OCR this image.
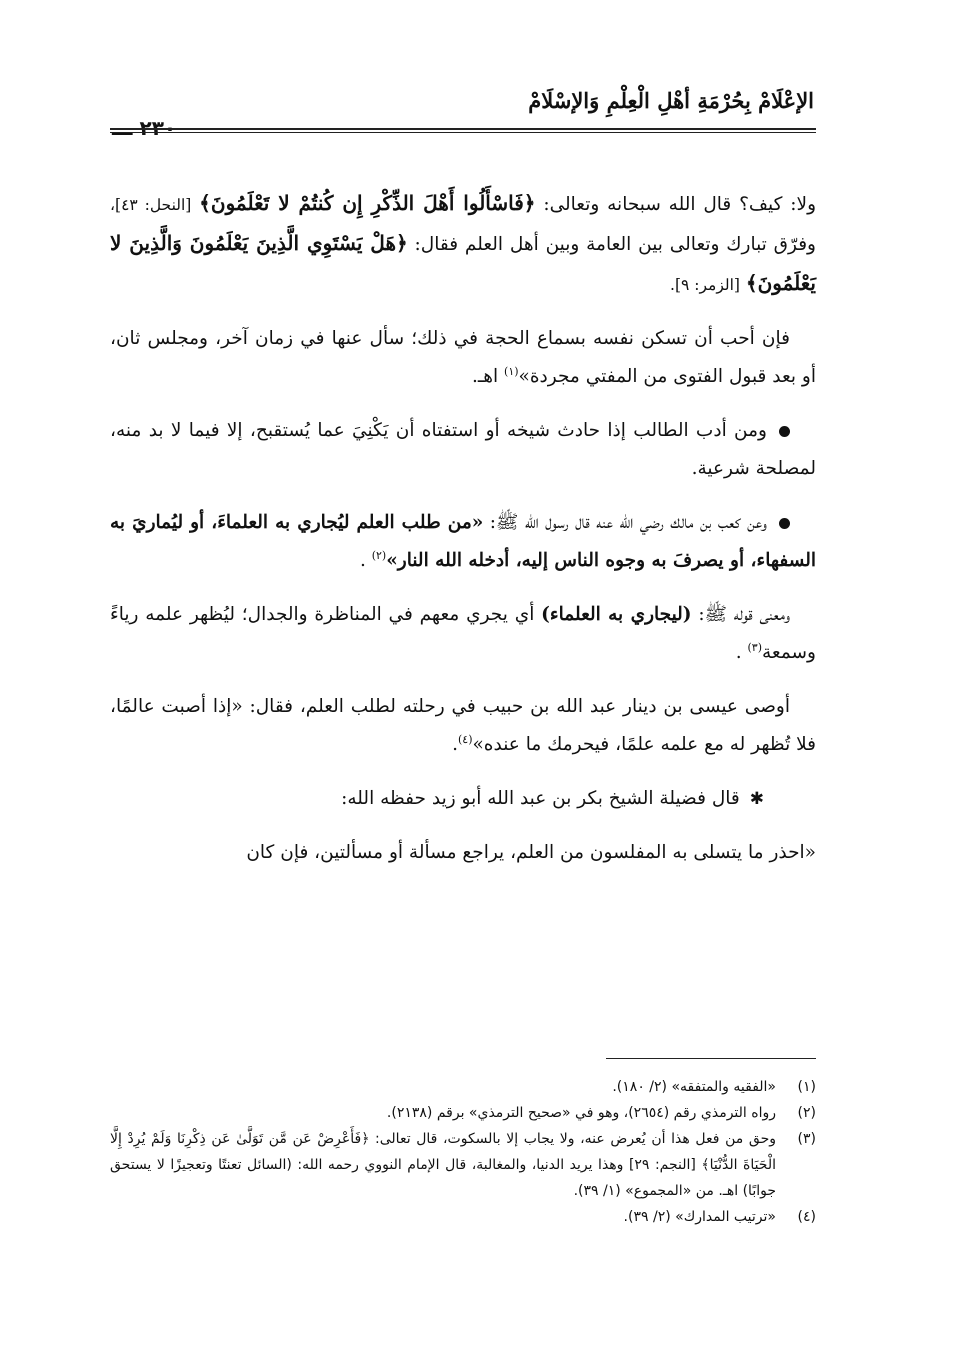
الإعْلَامْ بِحُرْمَةِ أهْلِ الْعِلْمِ وَالإسْلَامْ
٢٣٠ ـــ

ولا: كيف؟ قال الله سبحانه وتعالى: ﴿فَاسْأَلُوا أَهْلَ الذِّكْرِ إِن كُنتُمْ لا تَعْلَمُونَ﴾ [النحل: ٤٣]، وفرّق تبارك وتعالى بين العامة وبين أهل العلم فقال: ﴿هَلْ يَسْتَوِي الَّذِينَ يَعْلَمُونَ وَالَّذِينَ لا يَعْلَمُونَ﴾ [الزمر: ٩].

فإن أحب أن تسكن نفسه بسماع الحجة في ذلك؛ سأل عنها في زمان آخر، ومجلس ثان، أو بعد قبول الفتوى من المفتي مجردة»$^{(١)}$ اهـ.

ومن أدب الطالب إذا حادث شيخه أو استفتاه أن يَكْنِيَ عما يُستقبح، إلا فيما لا بد منه، لمصلحة شرعية.

وعن كعب بن مالك رضي الله عنه قال رسول الله ﷺ: «من طلب العلم ليُجاري به العلماءَ، أو ليُماريَ به السفهاء، أو يصرفَ به وجوه الناس إليه، أدخله الله النار»$^{(٢)}$ .

ومعنى قوله ﷺ: (ليجاري به العلماء) أي يجري معهم في المناظرة والجدال؛ ليُظهر علمه رياءً وسمعة$^{(٣)}$ .

أوصى عيسى بن دينار عبد الله بن حبيب في رحلته لطلب العلم، فقال: «إذا أصبت عالمًا، فلا تُظهر له مع علمه علمًا، فيحرمك ما عنده»$^{(٤)}$.

✱قال فضيلة الشيخ بكر بن عبد الله أبو زيد حفظه الله:

«احذر ما يتسلى به المفلسون من العلم، يراجع مسألة أو مسألتين، فإن كان

(١)
«الفقيه والمتفقه» (٢/ ١٨٠).
(٢)
رواه الترمذي رقم (٢٦٥٤)، وهو في «صحيح الترمذي» برقم (٢١٣٨).
(٣)
وحق من فعل هذا أن يُعرض عنه، ولا يجاب إلا بالسكوت، قال تعالى: ﴿فَأَعْرِضْ عَن مَّن تَوَلَّىٰ عَن ذِكْرِنَا وَلَمْ يُرِدْ إِلَّا الْحَيَاةَ الدُّنْيَا﴾ [النجم: ٢٩] وهذا يريد الدنيا، والمغالبة، قال الإمام النووي رحمه الله: (السائل تعنتًا وتعجيزًا لا يستحق جوابًا) اهـ. من «المجموع» (١/ ٣٩).
(٤)
«ترتيب المدارك» (٢/ ٣٩).
